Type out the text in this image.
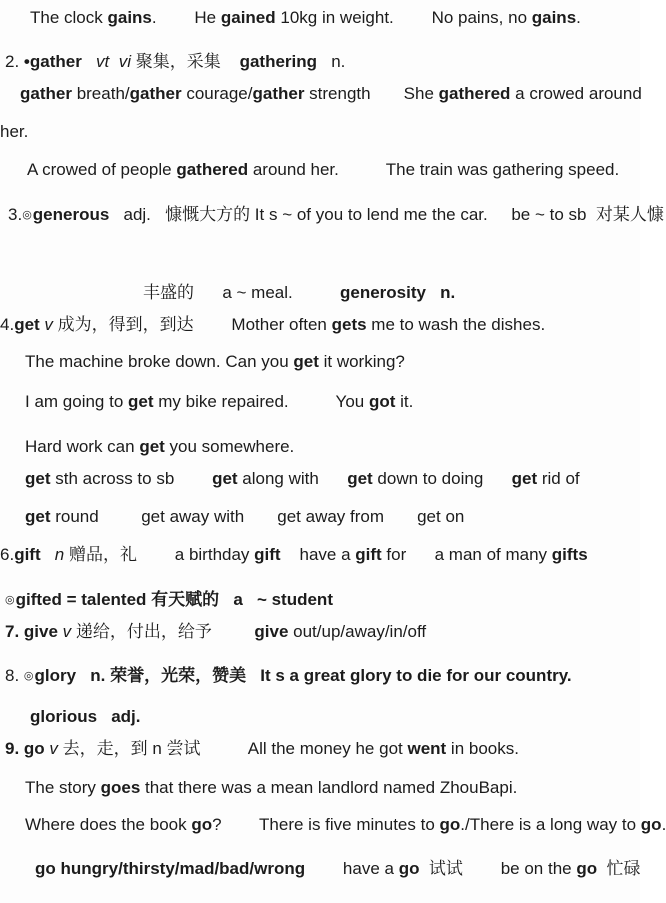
The clock gains.        He gained 10kg in weight.        No pains, no gains.
2. •gather vt vi 聚集，采集    gathering   n.
gather breath/gather courage/gather strength       She gathered a crowed around
her.
A crowed of people gathered around her.          The train was gathering speed.
3.◎generous   adj.   慷慨大方的 It s ~ of you to lend me the car.     be ~ to sb  对某人慷
丰盛的      a ~ meal.          generosity   n.
4.get v 成为，得到，到达        Mother often gets me to wash the dishes.
The machine broke down. Can you get it working?
I am going to get my bike repaired.          You got it.
Hard work can get you somewhere.
get sth across to sb        get along with      get down to doing      get rid of
get round         get away with       get away from       get on
6.gift n 赠品，礼        a birthday gift    have a gift for      a man of many gifts
◎gifted = talented 有天赋的   a   ~ student
7. give v 递给，付出，给予         give out/up/away/in/off
8. ◎glory   n. 荣誉，光荣，赞美   It s a great glory to die for our country.
glorious   adj.
9. go v 去，走，到 n 尝试          All the money he got went in books.
The story goes that there was a mean landlord named ZhouBapi.
Where does the book go?        There is five minutes to go./There is a long way to go.
go hungry/thirsty/mad/bad/wrong        have a go  试试        be on the go  忙碌
